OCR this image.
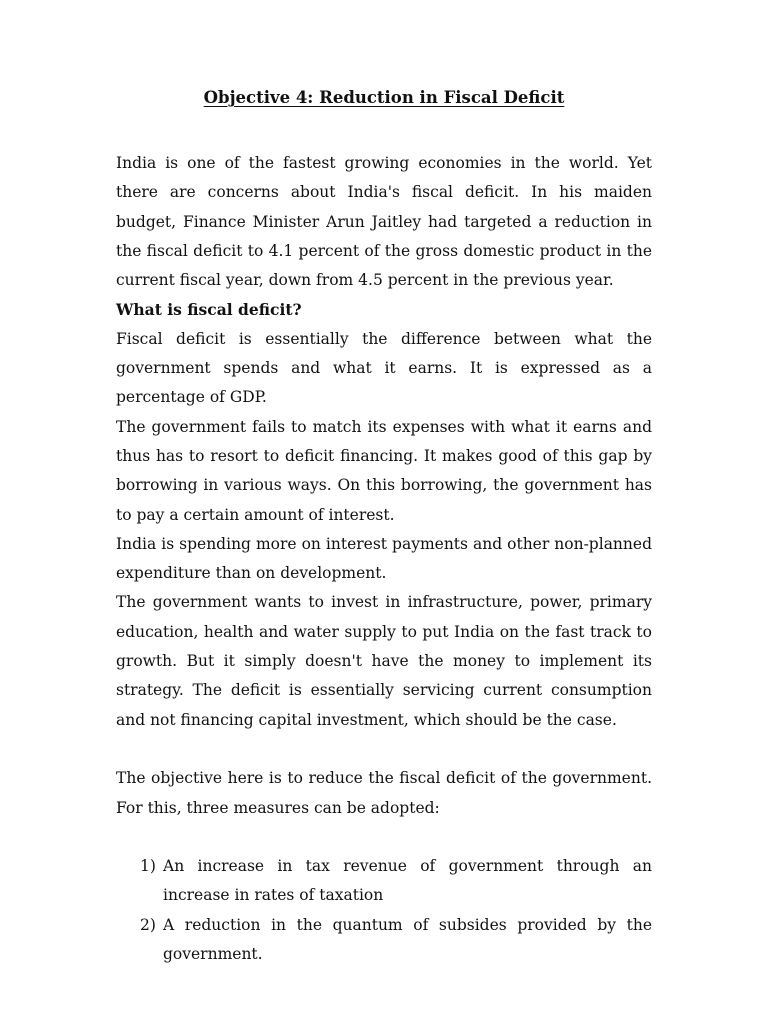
Objective 4: Reduction in Fiscal Deficit

India is one of the fastest growing economies in the world. Yet there are concerns about India's fiscal deficit. In his maiden budget, Finance Minister Arun Jaitley had targeted a reduction in the fiscal deficit to 4.1 percent of the gross domestic product in the current fiscal year, down from 4.5 percent in the previous year.

What is fiscal deficit?

Fiscal deficit is essentially the difference between what the government spends and what it earns. It is expressed as a percentage of GDP.

The government fails to match its expenses with what it earns and thus has to resort to deficit financing. It makes good of this gap by borrowing in various ways. On this borrowing, the government has to pay a certain amount of interest.

India is spending more on interest payments and other non-planned expenditure than on development.

The government wants to invest in infrastructure, power, primary education, health and water supply to put India on the fast track to growth. But it simply doesn't have the money to implement its strategy. The deficit is essentially servicing current consumption and not financing capital investment, which should be the case.

The objective here is to reduce the fiscal deficit of the government. For this, three measures can be adopted:

1) An increase in tax revenue of government through an increase in rates of taxation
2) A reduction in the quantum of subsides provided by the government.
